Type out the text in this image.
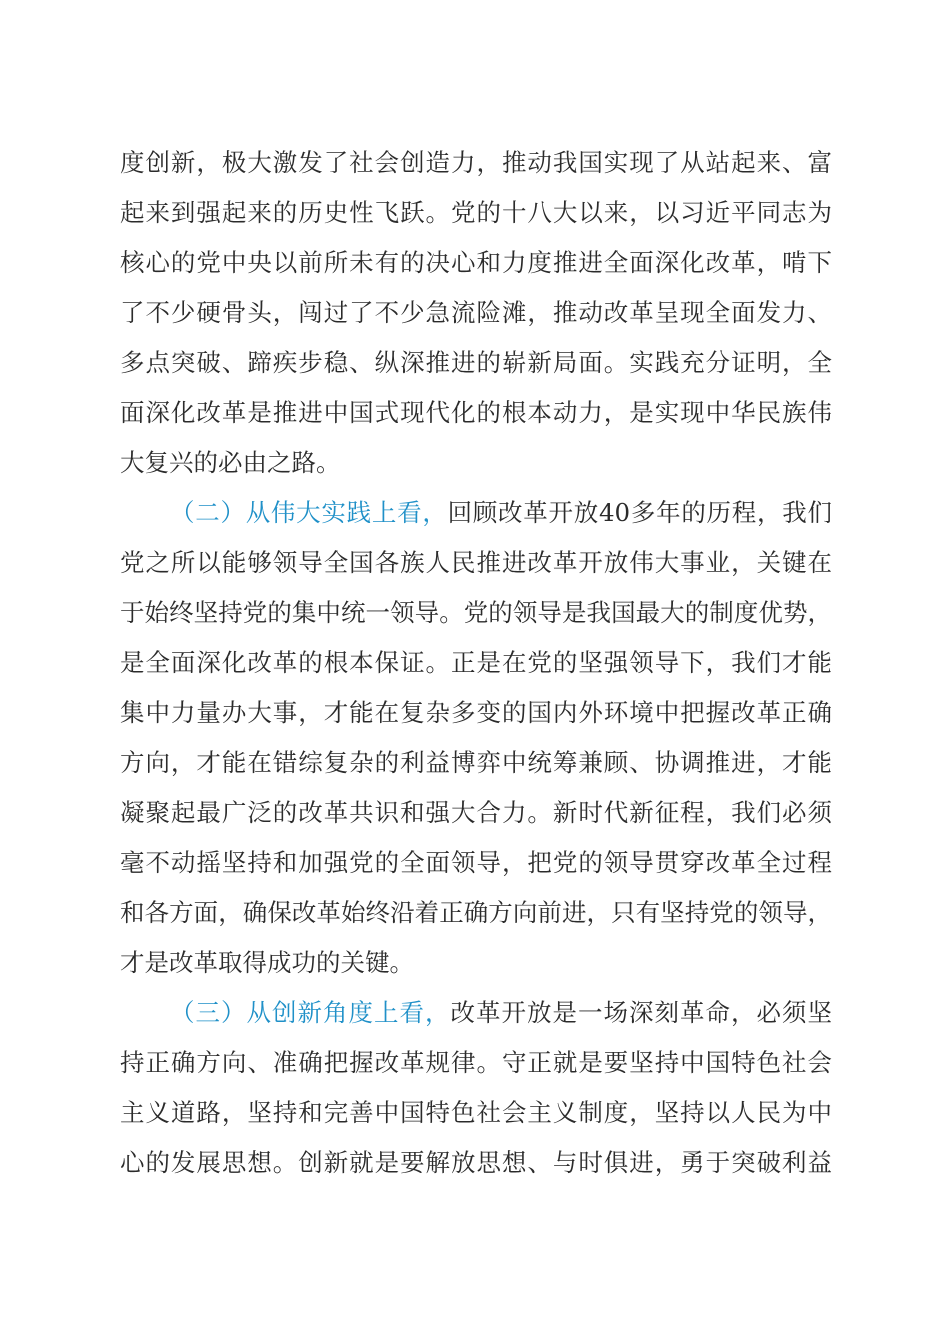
度创新，极大激发了社会创造力，推动我国实现了从站起来、富
起来到强起来的历史性飞跃。党的十八大以来，以习近平同志为
核心的党中央以前所未有的决心和力度推进全面深化改革，啃下
了不少硬骨头，闯过了不少急流险滩，推动改革呈现全面发力、
多点突破、蹄疾步稳、纵深推进的崭新局面。实践充分证明，全
面深化改革是推进中国式现代化的根本动力，是实现中华民族伟
大复兴的必由之路。
（二）从伟大实践上看，回顾改革开放40多年的历程，我们
党之所以能够领导全国各族人民推进改革开放伟大事业，关键在
于始终坚持党的集中统一领导。党的领导是我国最大的制度优势，
是全面深化改革的根本保证。正是在党的坚强领导下，我们才能
集中力量办大事，才能在复杂多变的国内外环境中把握改革正确
方向，才能在错综复杂的利益博弈中统筹兼顾、协调推进，才能
凝聚起最广泛的改革共识和强大合力。新时代新征程，我们必须
毫不动摇坚持和加强党的全面领导，把党的领导贯穿改革全过程
和各方面，确保改革始终沿着正确方向前进，只有坚持党的领导，
才是改革取得成功的关键。
（三）从创新角度上看，改革开放是一场深刻革命，必须坚
持正确方向、准确把握改革规律。守正就是要坚持中国特色社会
主义道路，坚持和完善中国特色社会主义制度，坚持以人民为中
心的发展思想。创新就是要解放思想、与时俱进，勇于突破利益
